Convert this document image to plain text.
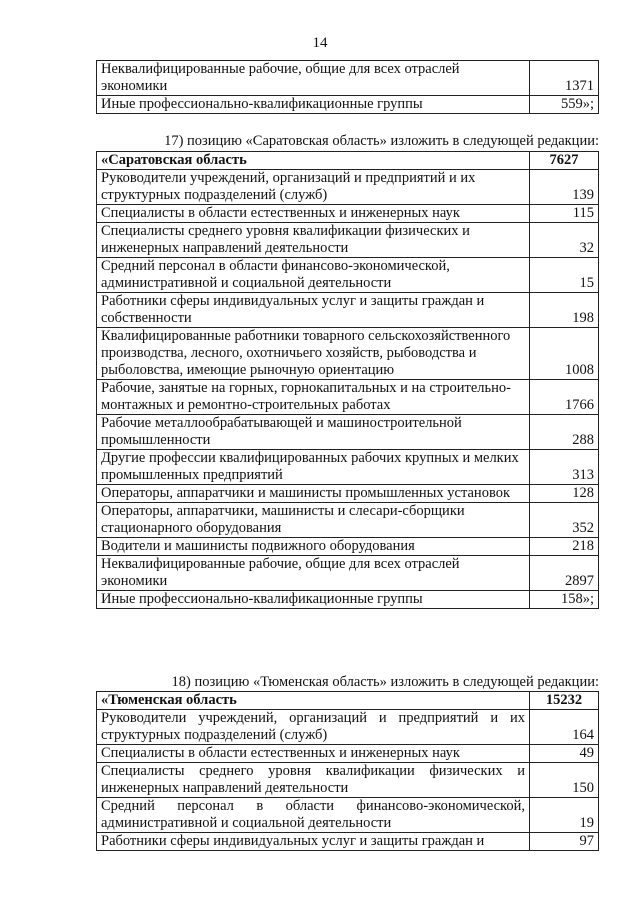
14
Неквалифицированные рабочие, общие для всех отраслей экономики	1371
Иные профессионально-квалификационные группы	559»;
17) позицию «Саратовская область» изложить в следующей редакции:
«Саратовская область	7627
Руководители учреждений, организаций и предприятий и их структурных подразделений (служб)	139
Специалисты в области естественных и инженерных наук	115
Специалисты среднего уровня квалификации физических и инженерных направлений деятельности	32
Средний персонал в области финансово-экономической, административной и социальной деятельности	15
Работники сферы индивидуальных услуг и защиты граждан и собственности	198
Квалифицированные работники товарного сельскохозяйственного производства, лесного, охотничьего хозяйств, рыбоводства и рыболовства, имеющие рыночную ориентацию	1008
Рабочие, занятые на горных, горнокапитальных и на строительно-монтажных и ремонтно-строительных работах	1766
Рабочие металлообрабатывающей и машиностроительной промышленности	288
Другие профессии квалифицированных рабочих крупных и мелких промышленных предприятий	313
Операторы, аппаратчики и машинисты промышленных установок	128
Операторы, аппаратчики, машинисты и слесари-сборщики стационарного оборудования	352
Водители и машинисты подвижного оборудования	218
Неквалифицированные рабочие, общие для всех отраслей экономики	2897
Иные профессионально-квалификационные группы	158»;
18) позицию «Тюменская область» изложить в следующей редакции:
«Тюменская область	15232
Руководители учреждений, организаций и предприятий и их структурных подразделений (служб)	164
Специалисты в области естественных и инженерных наук	49
Специалисты среднего уровня квалификации физических и инженерных направлений деятельности	150
Средний персонал в области финансово-экономической, административной и социальной деятельности	19
Работники сферы индивидуальных услуг и защиты граждан и	97
